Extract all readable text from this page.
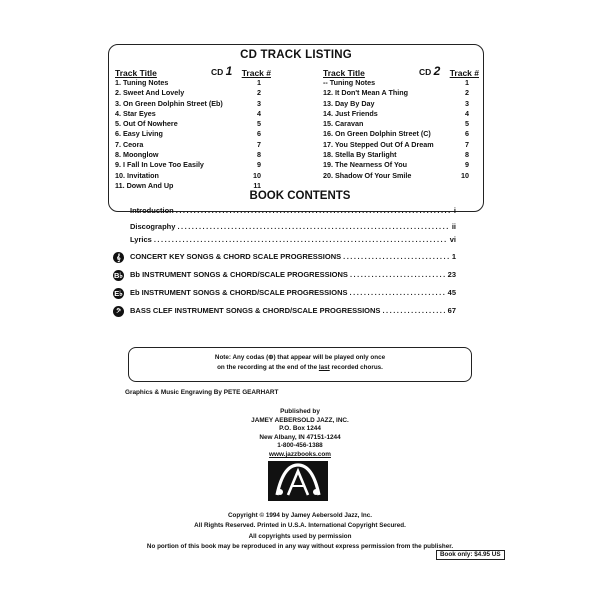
CD TRACK LISTING
Track Title	CD 1 Track #
1. Tuning Notes	1
2. Sweet And Lovely	2
3. On Green Dolphin Street (Eb)	3
4. Star Eyes	4
5. Out Of Nowhere	5
6. Easy Living	6
7. Ceora	7
8. Moonglow	8
9. I Fall In Love Too Easily	9
10. Invitation	10
11. Down And Up	11
Track Title	CD 2 Track #
-- Tuning Notes	1
12. It Don't Mean A Thing	2
13. Day By Day	3
14. Just Friends	4
15. Caravan	5
16. On Green Dolphin Street (C)	6
17. You Stepped Out Of A Dream	7
18. Stella By Starlight	8
19. The Nearness Of You	9
20. Shadow Of Your Smile	10
BOOK CONTENTS
Introduction .....	i
Discography .....	ii
Lyrics .....	vi
𝄞	CONCERT KEY SONGS & CHORD SCALE PROGRESSIONS .....	1
B♭ Bb INSTRUMENT SONGS & CHORD/SCALE PROGRESSIONS .....	23
E♭ Eb INSTRUMENT SONGS & CHORD/SCALE PROGRESSIONS .....	45
𝄢	BASS CLEF INSTRUMENT SONGS & CHORD/SCALE PROGRESSIONS .....	67
Note: Any codas (⊕) that appear will be played only once
on the recording at the end of the last recorded chorus.
Graphics & Music Engraving By PETE GEARHART
Published by
JAMEY AEBERSOLD JAZZ, INC.
P.O. Box 1244
New Albany, IN 47151-1244
1-800-456-1388
www.jazzbooks.com
Copyright © 1994 by Jamey Aebersold Jazz, Inc.
All Rights Reserved. Printed in U.S.A. International Copyright Secured.
All copyrights used by permission
No portion of this book may be reproduced in any way without express permission from the publisher.
Book only: $4.95 US
